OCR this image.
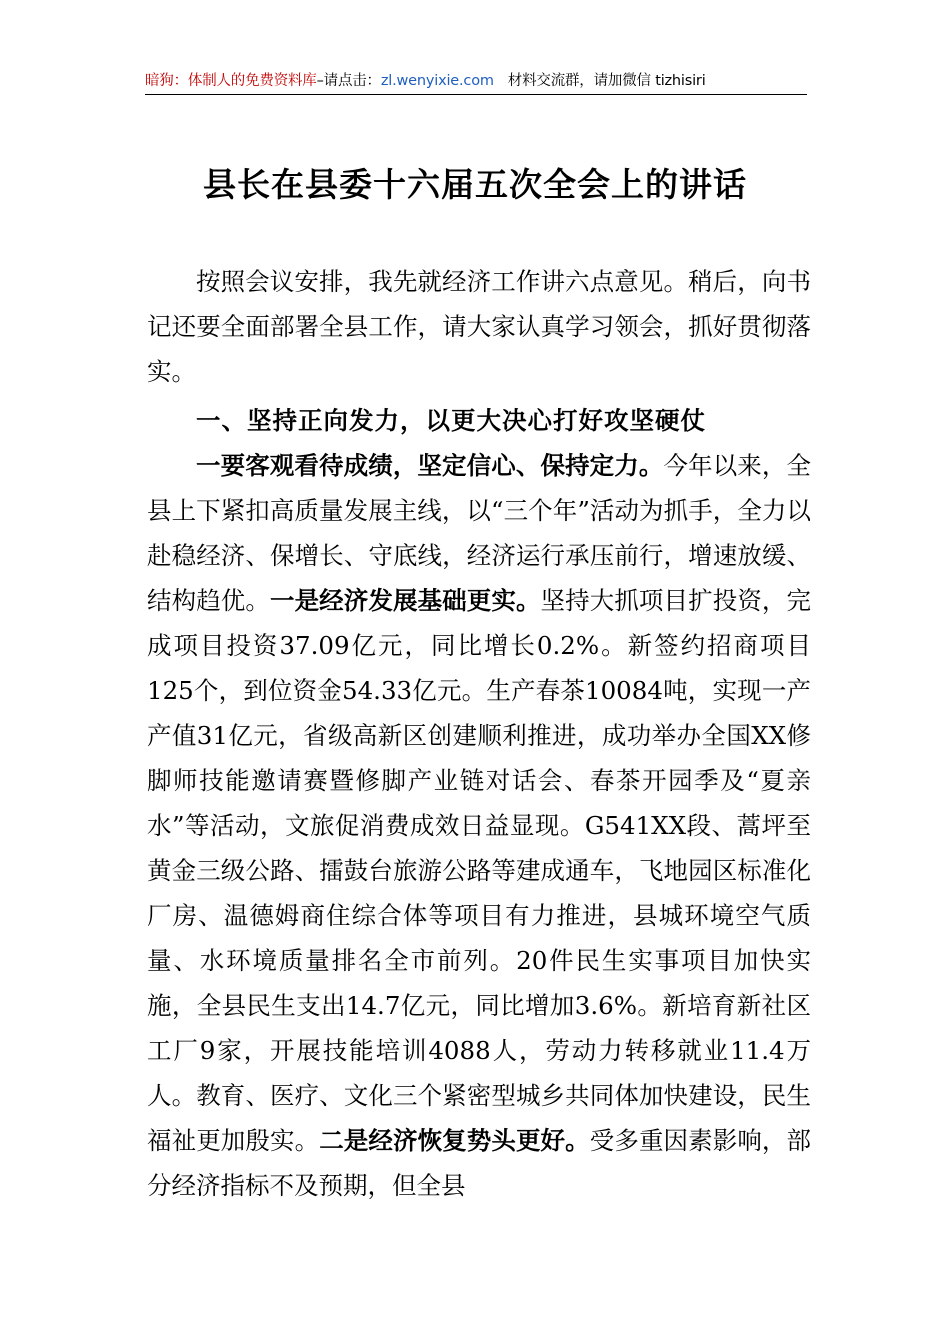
暗狗：体制人的免费资料库–请点击：zl.wenyixie.com 材料交流群，请加微信 tizhisiri
县长在县委十六届五次全会上的讲话

按照会议安排，我先就经济工作讲六点意见。稍后，向书记还要全面部署全县工作，请大家认真学习领会，抓好贯彻落实。

一、坚持正向发力，以更大决心打好攻坚硬仗

一要客观看待成绩，坚定信心、保持定力。今年以来，全县上下紧扣高质量发展主线，以“三个年”活动为抓手，全力以赴稳经济、保增长、守底线，经济运行承压前行，增速放缓、结构趋优。一是经济发展基础更实。坚持大抓项目扩投资，完成项目投资37.09亿元，同比增长0.2%。新签约招商项目125个，到位资金54.33亿元。生产春茶10084吨，实现一产产值31亿元，省级高新区创建顺利推进，成功举办全国XX修脚师技能邀请赛暨修脚产业链对话会、春茶开园季及“夏亲水”等活动，文旅促消费成效日益显现。G541XX段、蒿坪至黄金三级公路、擂鼓台旅游公路等建成通车，飞地园区标准化厂房、温德姆商住综合体等项目有力推进，县城环境空气质量、水环境质量排名全市前列。20件民生实事项目加快实施，全县民生支出14.7亿元，同比增加3.6%。新培育新社区工厂9家，开展技能培训4088人，劳动力转移就业11.4万人。教育、医疗、文化三个紧密型城乡共同体加快建设，民生福祉更加殷实。二是经济恢复势头更好。受多重因素影响，部分经济指标不及预期，但全县
